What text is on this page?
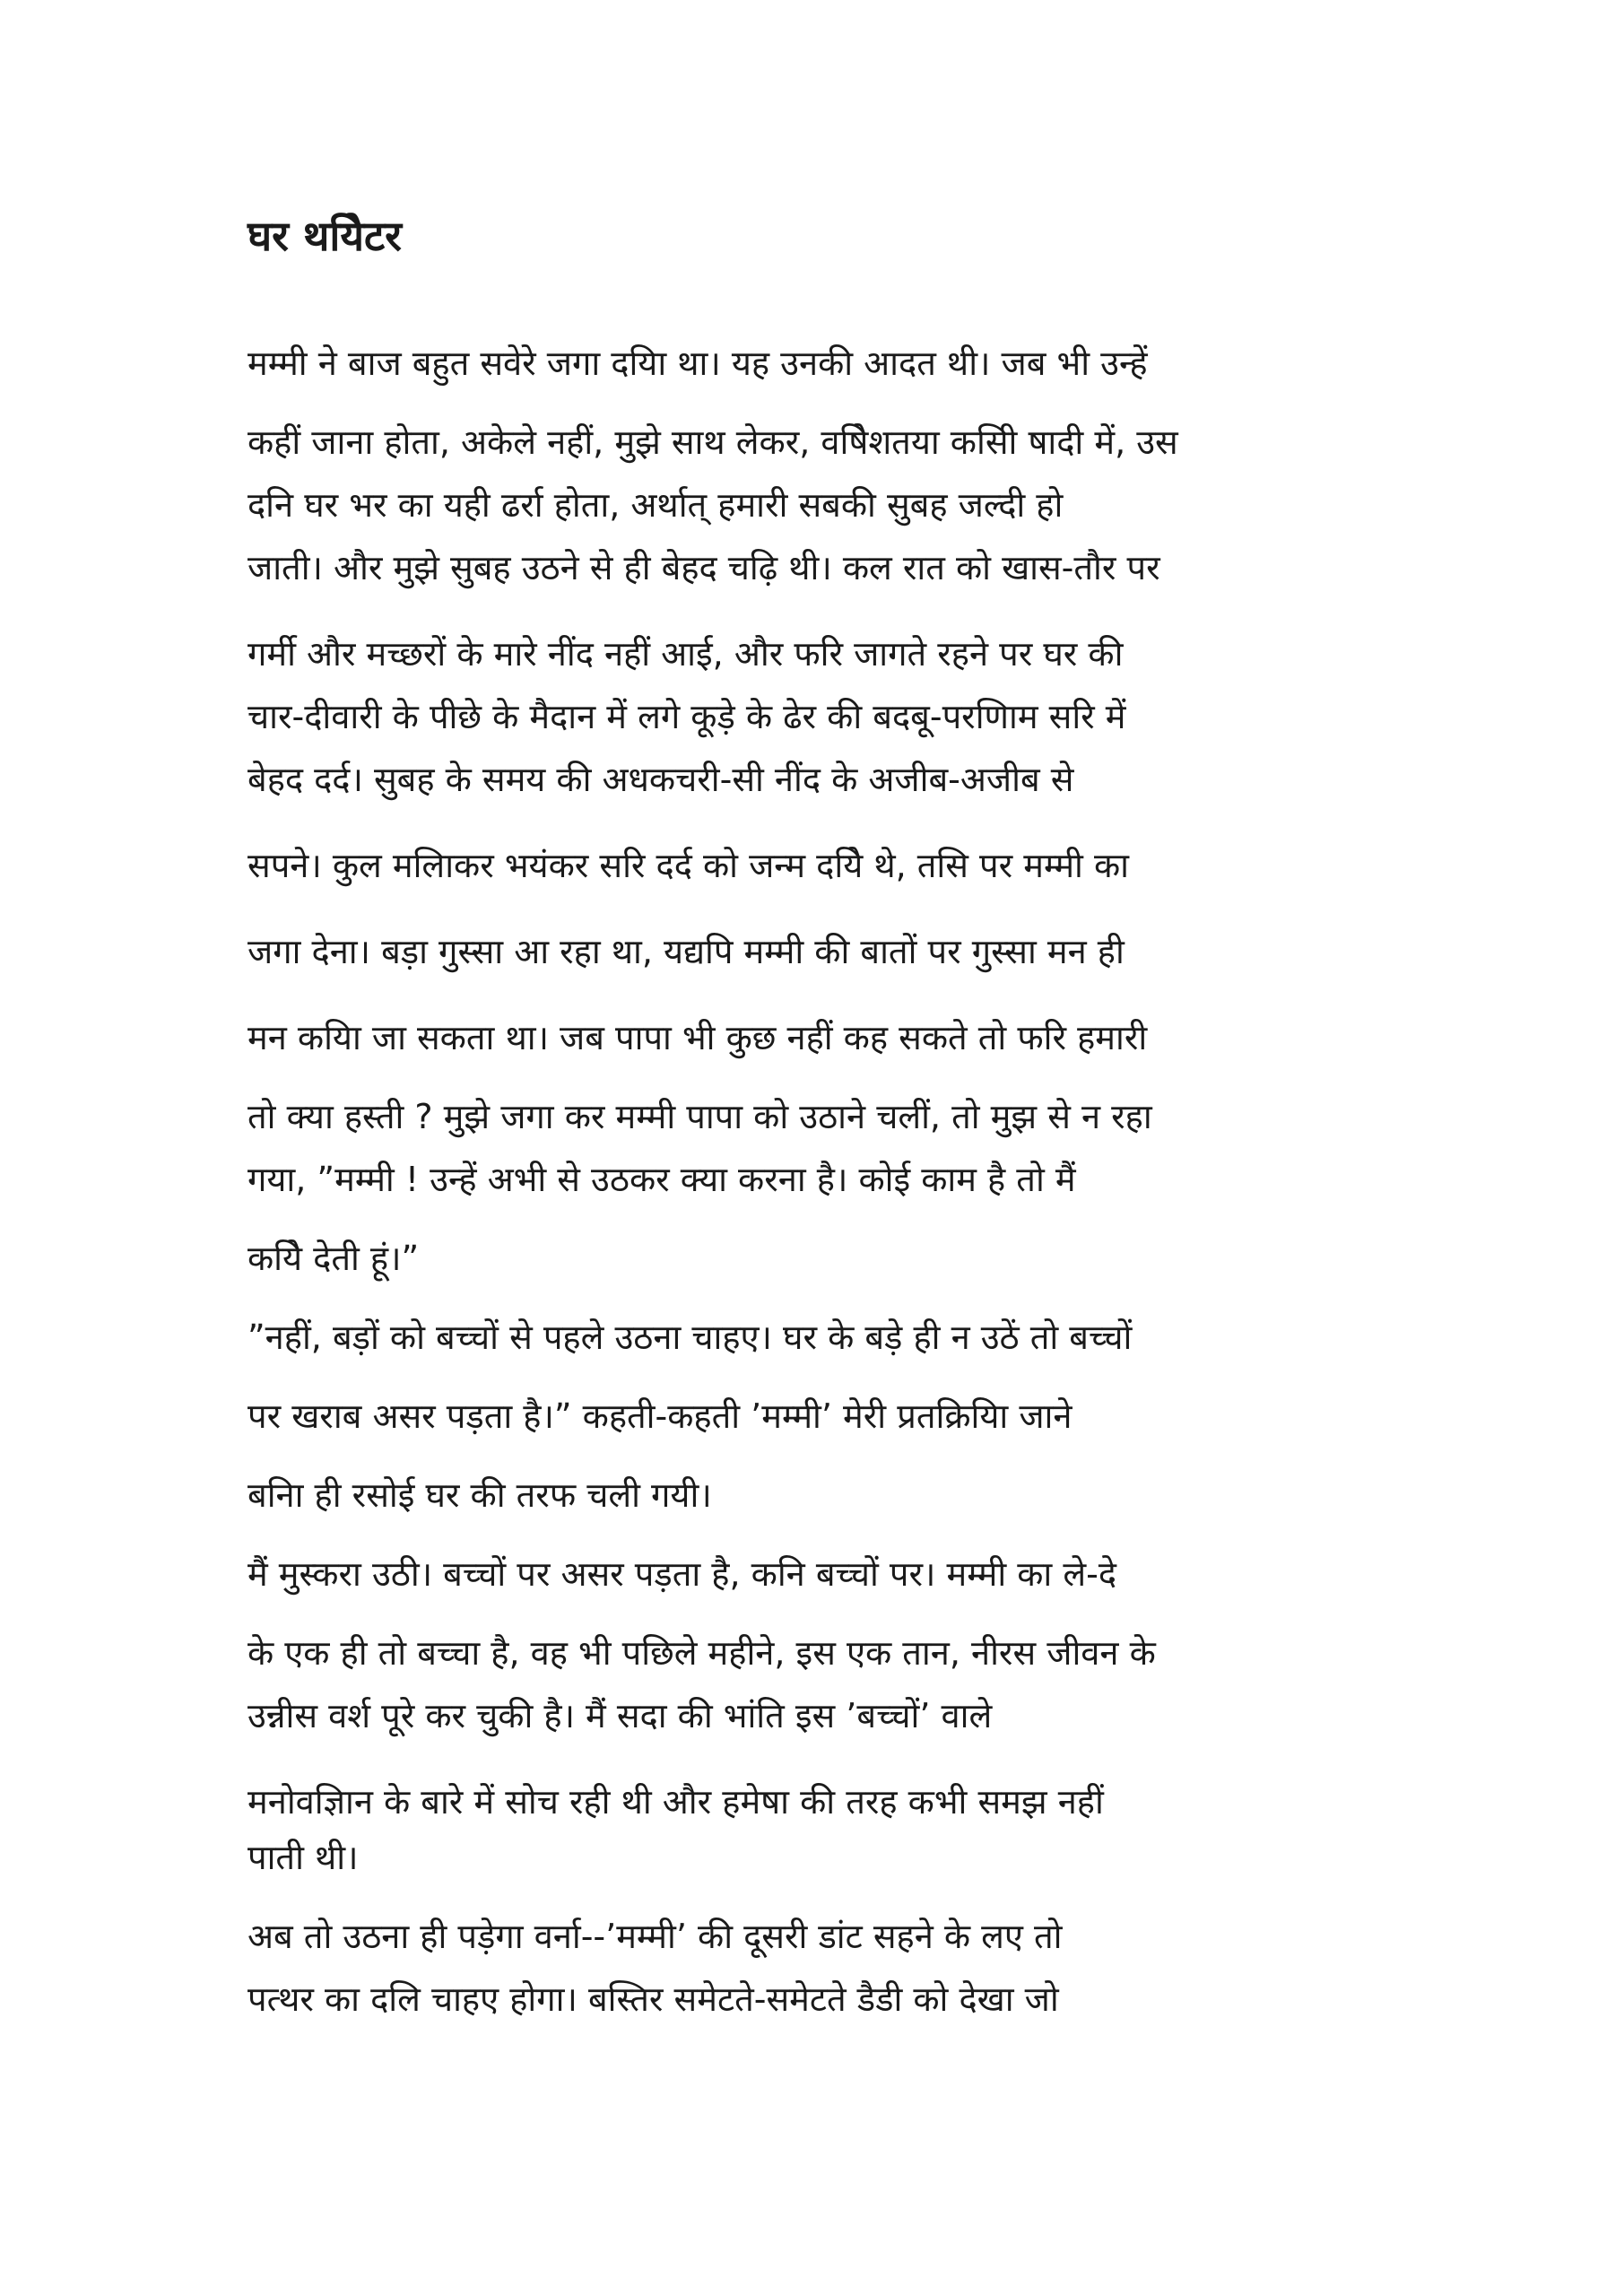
घर थयिेटर

मम्मी ने बाज बहुत सवेरे जगा दयिा था। यह उनकी आदत थी। जब भी उन्हें

कहीं जाना होता, अकेले नहीं, मुझे साथ लेकर, वषिेशतया कसिी षादी में, उस

दनि घर भर का यही ढर्रा होता, अर्थात् हमारी सबकी सुबह जल्दी हो

जाती। और मुझे सुबह उठने से ही बेहद चढ़ि थी। कल रात को खास-तौर पर

गर्मी और मच्छरों के मारे नींद नहीं आई, और फरि जागते रहने पर घर की

चार-दीवारी के पीछे के मैदान में लगे कूड़े के ढेर की बदबू-परणिाम सरि में

बेहद दर्द। सुबह के समय की अधकचरी-सी नींद के अजीब-अजीब से

सपने। कुल मलिाकर भयंकर सरि दर्द को जन्म दयिे थे, तसि पर मम्मी का

जगा देना। बड़ा गुस्सा आ रहा था, यद्यपि मम्मी की बातों पर गुस्सा मन ही

मन कयिा जा सकता था। जब पापा भी कुछ नहीं कह सकते तो फरि हमारी

तो क्या हस्ती ? मुझे जगा कर मम्मी पापा को उठाने चलीं, तो मुझ से न रहा

गया, ”मम्मी ! उन्हें अभी से उठकर क्या करना है। कोई काम है तो मैं

कयिे देती हूं।”

”नहीं, बड़ों को बच्चों से पहले उठना चाहए। घर के बड़े ही न उठें तो बच्चों

पर खराब असर पड़ता है।” कहती-कहती ’मम्मी’ मेरी प्रतक्रियिा जाने

बनिा ही रसोई घर की तरफ चली गयी।

मैं मुस्करा उठी। बच्चों पर असर पड़ता है, कनि बच्चों पर। मम्मी का ले-दे

के एक ही तो बच्चा है, वह भी पछिले महीने, इस एक तान, नीरस जीवन के

उन्नीस वर्श पूरे कर चुकी है। मैं सदा की भांति इस ’बच्चों’ वाले

मनोवज्ञिान के बारे में सोच रही थी और हमेषा की तरह कभी समझ नहीं

पाती थी।

अब तो उठना ही पड़ेगा वर्ना--’मम्मी’ की दूसरी डांट सहने के लए तो

पत्थर का दलि चाहए होगा। बस्तिर समेटते-समेटते डैडी को देखा जो
